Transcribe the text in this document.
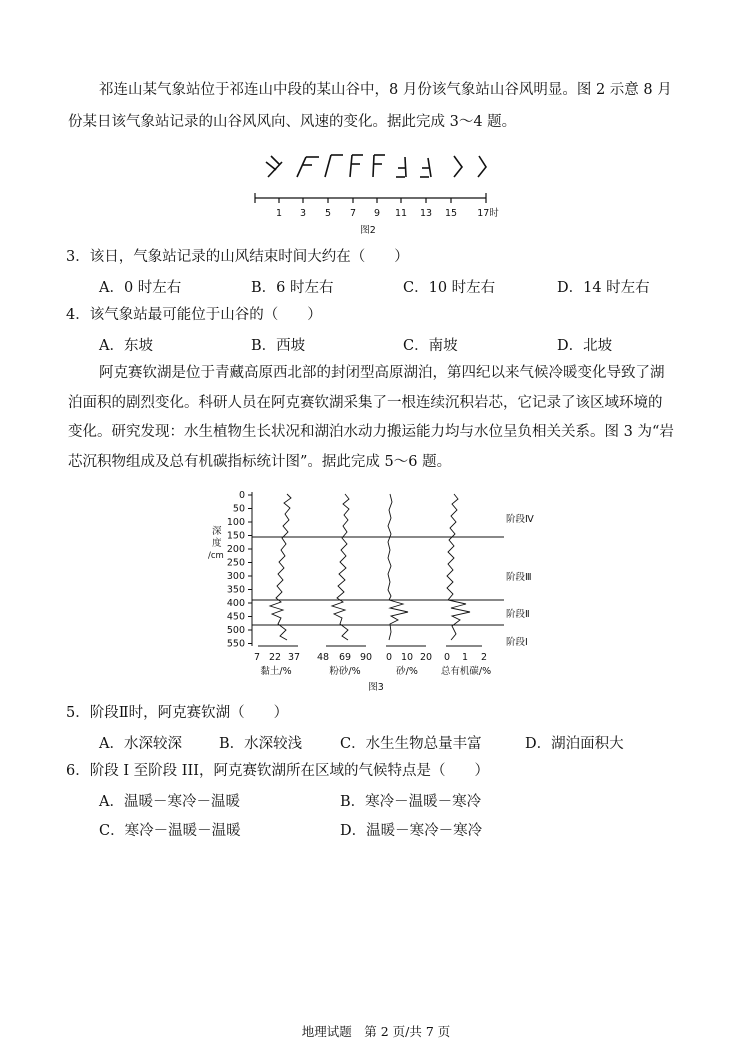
祁连山某气象站位于祁连山中段的某山谷中，8 月份该气象站山谷风明显。图 2 示意 8 月
份某日该气象站记录的山谷风风向、风速的变化。据此完成 3～4 题。
1 3 5 7 9 11 13 15 17时
图2
3．该日，气象站记录的山风结束时间大约在（　　）
A．0 时左右	B．6 时左右	C．10 时左右	D．14 时左右
4．该气象站最可能位于山谷的（　　）
A．东坡	B．西坡	C．南坡	D．北坡
阿克赛钦湖是位于青藏高原西北部的封闭型高原湖泊，第四纪以来气候冷暖变化导致了湖
泊面积的剧烈变化。科研人员在阿克赛钦湖采集了一根连续沉积岩芯，它记录了该区域环境的
变化。研究发现：水生植物生长状况和湖泊水动力搬运能力均与水位呈负相关关系。图 3 为“岩
芯沉积物组成及总有机碳指标统计图”。据此完成 5～6 题。
0
50
100
150
200
250
300
350
400
450
500
550
深
度
/cm
阶段Ⅳ
阶段Ⅲ
阶段Ⅱ
阶段Ⅰ
7 22 37 48 69 90 0 10 20 0 1 2
黏土/%	粉砂/%	砂/% 总有机碳/%
图3
5．阶段Ⅱ时，阿克赛钦湖（　　）
A．水深较深	B．水深较浅	C．水生生物总量丰富	D．湖泊面积大
6．阶段 I 至阶段 III，阿克赛钦湖所在区域的气候特点是（　　）
A．温暖－寒冷－温暖	B．寒冷－温暖－寒冷
C．寒冷－温暖－温暖	D．温暖－寒冷－寒冷
地理试题　第 2 页/共 7 页
